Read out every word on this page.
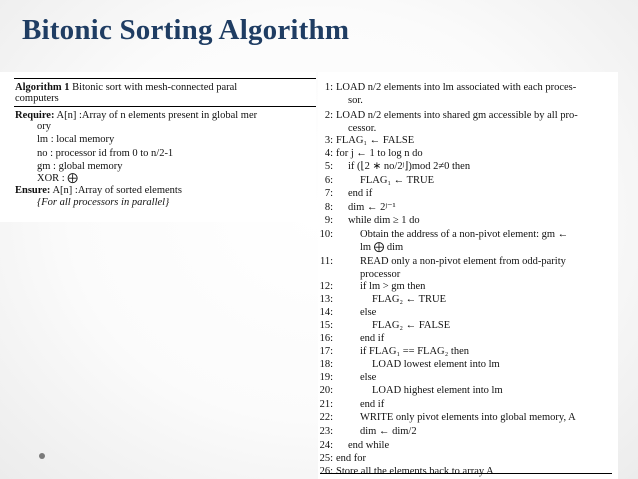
Bitonic Sorting Algorithm
Algorithm 1 Bitonic sort with mesh-connected paral
computers
Require: A[n] :Array of n elements present in global mer
ory
lm : local memory
no : processor id from 0 to n/2-1
gm : global memory
XOR : ⨁
Ensure: A[n] :Array of sorted elements
{For all processors in parallel}
1: LOAD n/2 elements into lm associated with each proces-
sor.
2: LOAD n/2 elements into shared gm accessible by all pro-
cessor.
3: FLAG₁ ← FALSE
4: for j ← 1 to log n do
5: if (⌊2 ∗ no/2ʲ⌋)mod 2≠0 then
6:	FLAG₁ ← TRUE
7: end if
8: dim ← 2ʲ⁻¹
9: while dim ≥ 1 do
10:	Obtain the address of a non-pivot element: gm ←
lm ⨁ dim
11:	READ only a non-pivot element from odd-parity
processor
12:	if lm > gm then
13:	FLAG₂ ← TRUE
14:	else
15:	FLAG₂ ← FALSE
16:	end if
17:	if FLAG₁ == FLAG₂ then
18:	LOAD lowest element into lm
19:	else
20:	LOAD highest element into lm
21:	end if
22:	WRITE only pivot elements into global memory, A
23:	dim ← dim/2
24: end while
25: end for
26: Store all the elements back to array A
